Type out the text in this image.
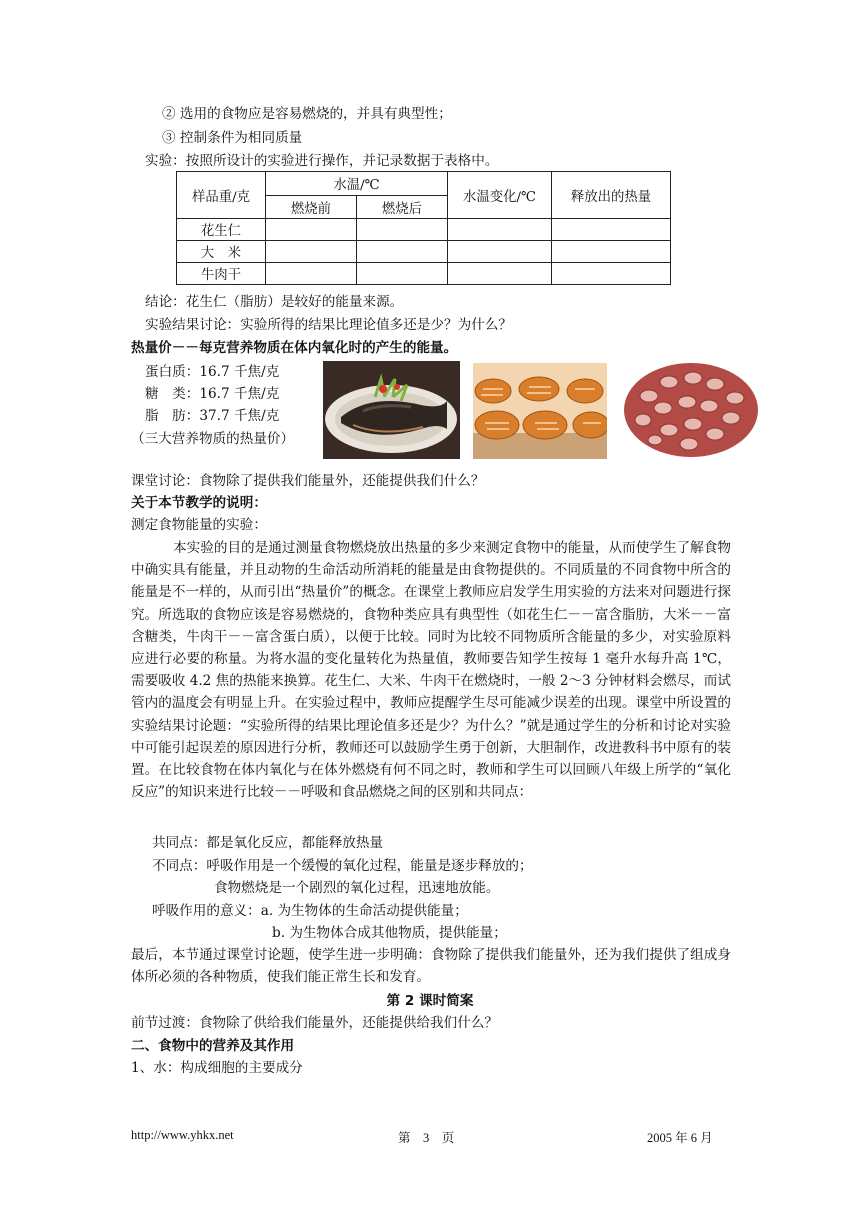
② 选用的食物应是容易燃烧的，并具有典型性；
③ 控制条件为相同质量
实验：按照所设计的实验进行操作，并记录数据于表格中。
样品重/克	水温/℃		水温变化/℃	释放出的热量
	燃烧前	燃烧后		
花生仁				
大　米				
牛肉干				
结论：花生仁（脂肪）是较好的能量来源。
实验结果讨论：实验所得的结果比理论值多还是少？为什么？
热量价－－每克营养物质在体内氧化时的产生的能量。
蛋白质：16.7 千焦/克
糖　类：16.7 千焦/克
脂　肪：37.7 千焦/克
（三大营养物质的热量价）
课堂讨论：食物除了提供我们能量外，还能提供我们什么？
关于本节教学的说明：
测定食物能量的实验：
本实验的目的是通过测量食物燃烧放出热量的多少来测定食物中的能量，从而使学生了解食物中确实具有能量，并且动物的生命活动所消耗的能量是由食物提供的。不同质量的不同食物中所含的能量是不一样的，从而引出“热量价”的概念。在课堂上教师应启发学生用实验的方法来对问题进行探究。所选取的食物应该是容易燃烧的，食物种类应具有典型性（如花生仁－－富含脂肪，大米－－富含糖类，牛肉干－－富含蛋白质），以便于比较。同时为比较不同物质所含能量的多少，对实验原料应进行必要的称量。为将水温的变化量转化为热量值，教师要告知学生按每 1 毫升水每升高 1℃，需要吸收 4.2 焦的热能来换算。花生仁、大米、牛肉干在燃烧时，一般 2～3 分钟材料会燃尽，而试管内的温度会有明显上升。在实验过程中，教师应提醒学生尽可能减少误差的出现。课堂中所设置的实验结果讨论题：“实验所得的结果比理论值多还是少？为什么？”就是通过学生的分析和讨论对实验中可能引起误差的原因进行分析，教师还可以鼓励学生勇于创新，大胆制作，改进教科书中原有的装置。在比较食物在体内氧化与在体外燃烧有何不同之时，教师和学生可以回顾八年级上所学的“氧化反应”的知识来进行比较－－呼吸和食品燃烧之间的区别和共同点：
共同点：都是氧化反应，都能释放热量
不同点：呼吸作用是一个缓慢的氧化过程，能量是逐步释放的；
食物燃烧是一个剧烈的氧化过程，迅速地放能。
呼吸作用的意义：a. 为生物体的生命活动提供能量；
b. 为生物体合成其他物质，提供能量；
最后，本节通过课堂讨论题，使学生进一步明确：食物除了提供我们能量外，还为我们提供了组成身体所必须的各种物质，使我们能正常生长和发育。
第 2 课时简案
前节过渡：食物除了供给我们能量外，还能提供给我们什么？
二、食物中的营养及其作用
1、水：构成细胞的主要成分
http://www.yhkx.net	第　3　页	2005 年 6 月
